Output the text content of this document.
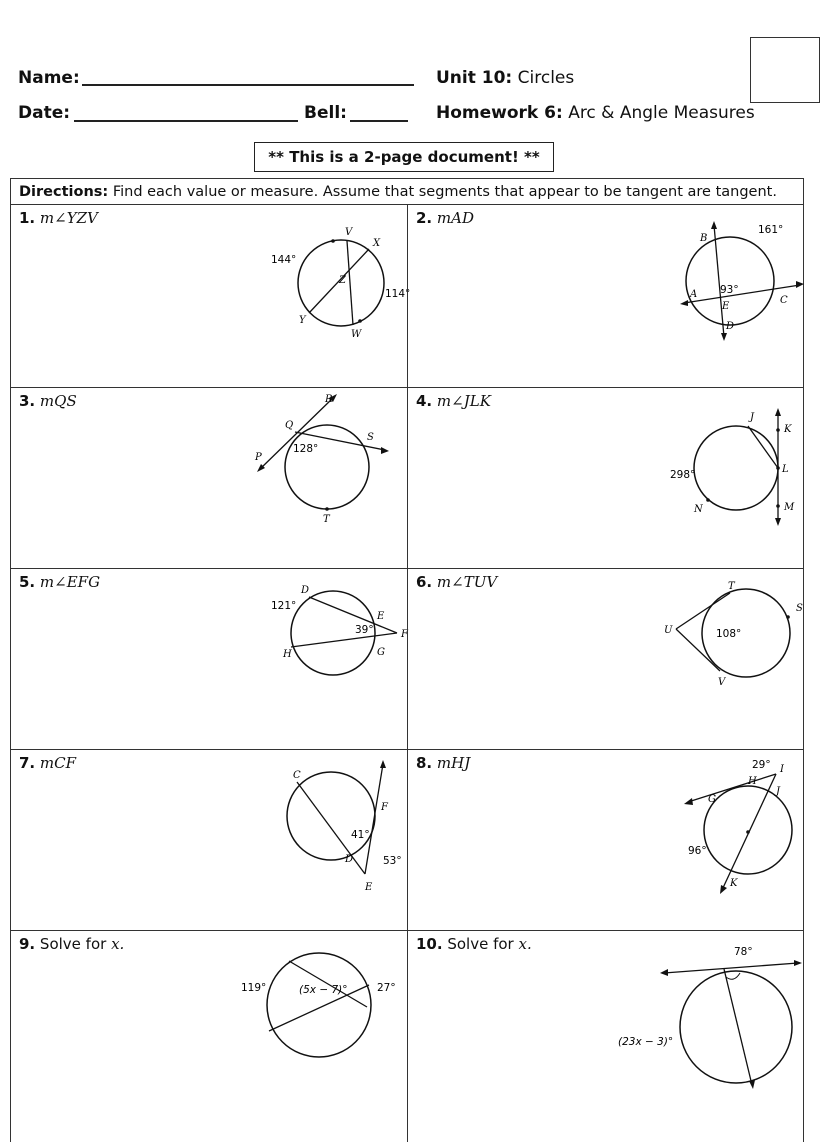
Name:
Date:	Bell:
Unit 10: Circles
Homework 6: Arc & Angle Measures
** This is a 2-page document! **
Directions: Find each value or measure. Assume that segments that appear to be tangent are tangent.
1. m∠YZV
V
X
Z
Y
W
144°
114°
2. mAD
B
A
E
C
D
161°
93°
3. mQS	R
Q
S
P
T
128°
4. m∠JLK
J
K
L
M
N
298°
5. m∠EFG	D
E
F
G
H
121°
39°
6. m∠TUV	T
S
U
V
108°
7. mCF
C
F
D
E
41°
53°
8. mHJ	I
H
J
G
K
29°
96°
9. Solve for x.
119°	(5x − 7)°	27°
10. Solve for x.	78°
(23x − 3)°
